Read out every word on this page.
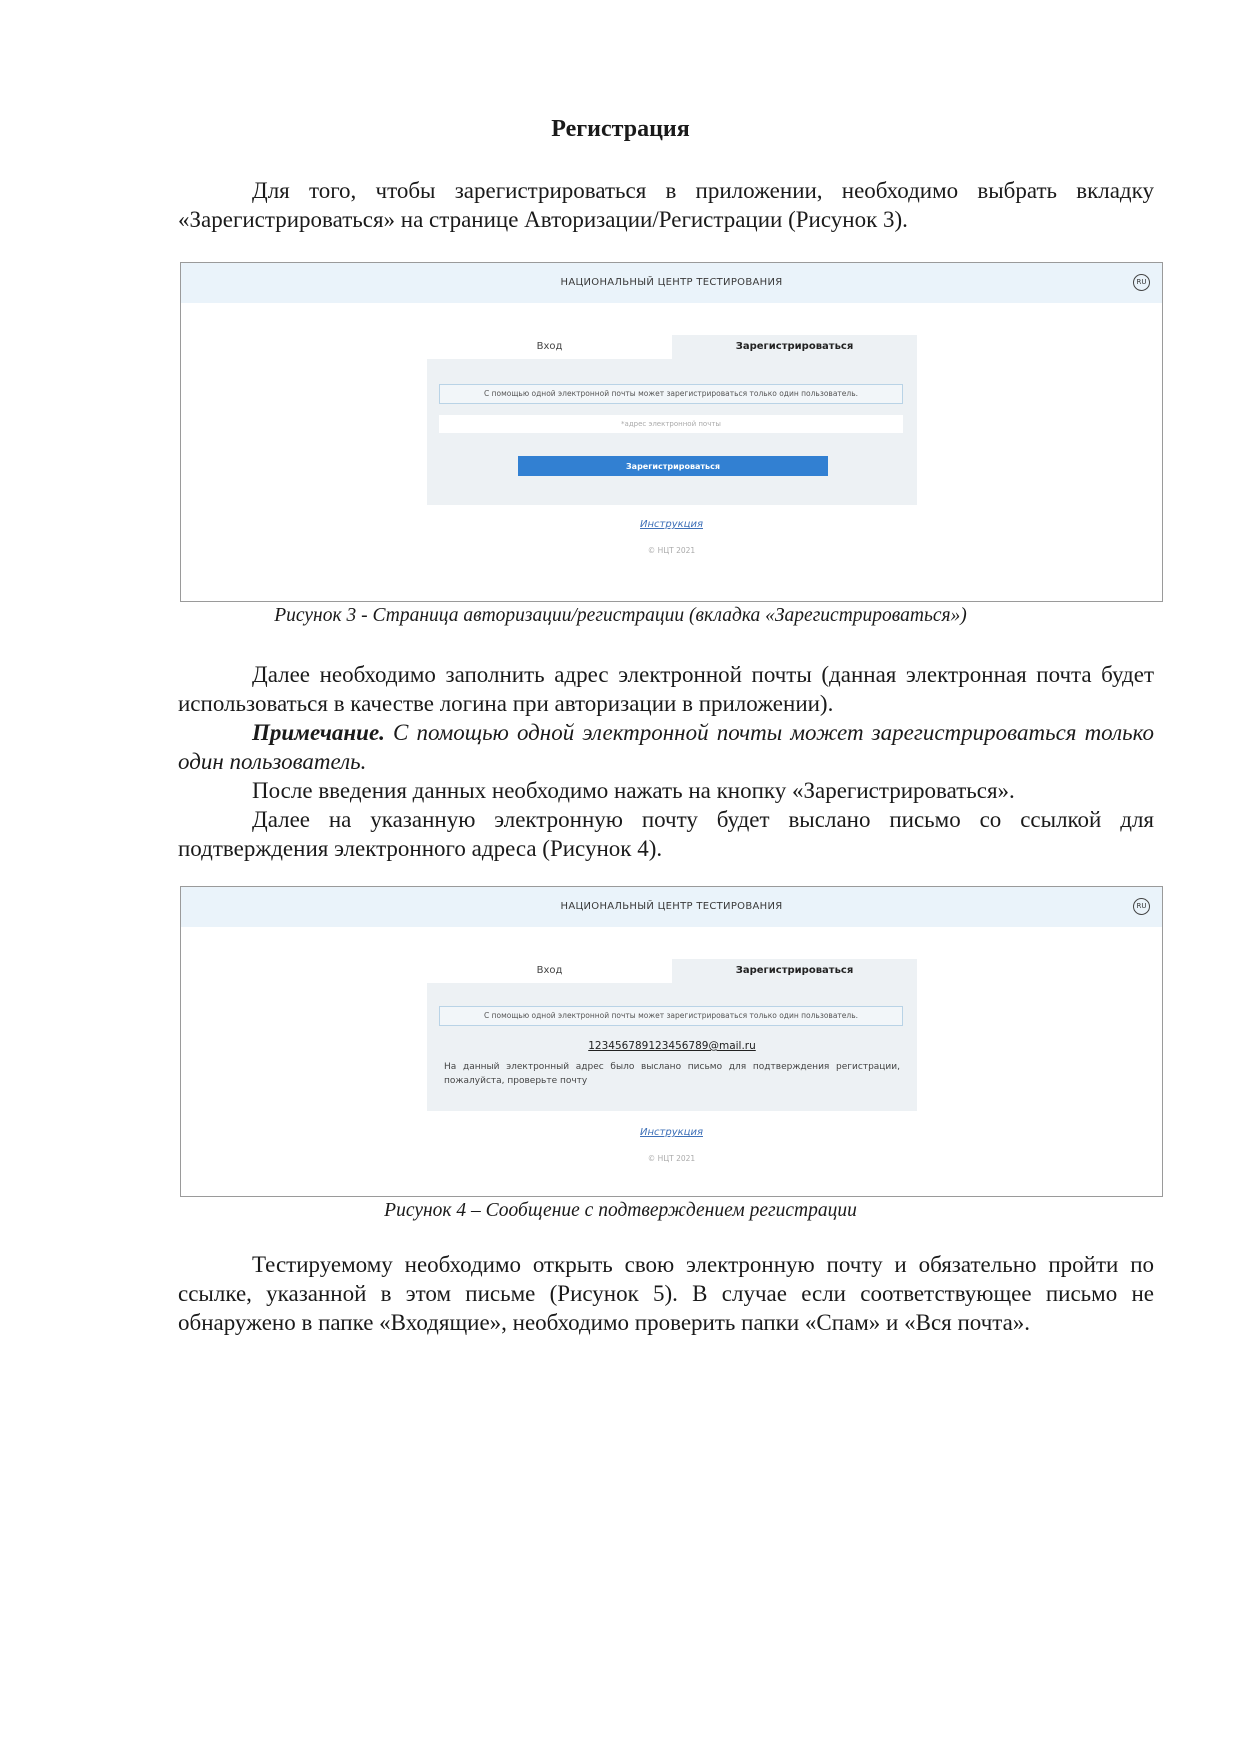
Регистрация

Для того, чтобы зарегистрироваться в приложении, необходимо выбрать вкладку «Зарегистрироваться» на странице Авторизации/Регистрации (Рисунок 3).

НАЦИОНАЛЬНЫЙ ЦЕНТР ТЕСТИРОВАНИЯ	RU
Вход	Зарегистрироваться
С помощью одной электронной почты может зарегистрироваться только один пользователь.
*адрес электронной почты
Зарегистрироваться
Инструкция
© НЦТ 2021
Рисунок 3 - Страница авторизации/регистрации (вкладка «Зарегистрироваться»)

Далее необходимо заполнить адрес электронной почты (данная электронная почта будет использоваться в качестве логина при авторизации в приложении).

Примечание. С помощью одной электронной почты может зарегистрироваться только один пользователь.

После введения данных необходимо нажать на кнопку «Зарегистрироваться».

Далее на указанную электронную почту будет выслано письмо со ссылкой для подтверждения электронного адреса (Рисунок 4).

НАЦИОНАЛЬНЫЙ ЦЕНТР ТЕСТИРОВАНИЯ	RU
Вход	Зарегистрироваться
С помощью одной электронной почты может зарегистрироваться только один пользователь.
123456789123456789@mail.ru
На данный электронный адрес было выслано письмо для подтверждения регистрации, пожалуйста, проверьте почту
Инструкция
© НЦТ 2021
Рисунок 4 – Сообщение с подтверждением регистрации

Тестируемому необходимо открыть свою электронную почту и обязательно пройти по ссылке, указанной в этом письме (Рисунок 5). В случае если соответствующее письмо не обнаружено в папке «Входящие», необходимо проверить папки «Спам» и «Вся почта».
